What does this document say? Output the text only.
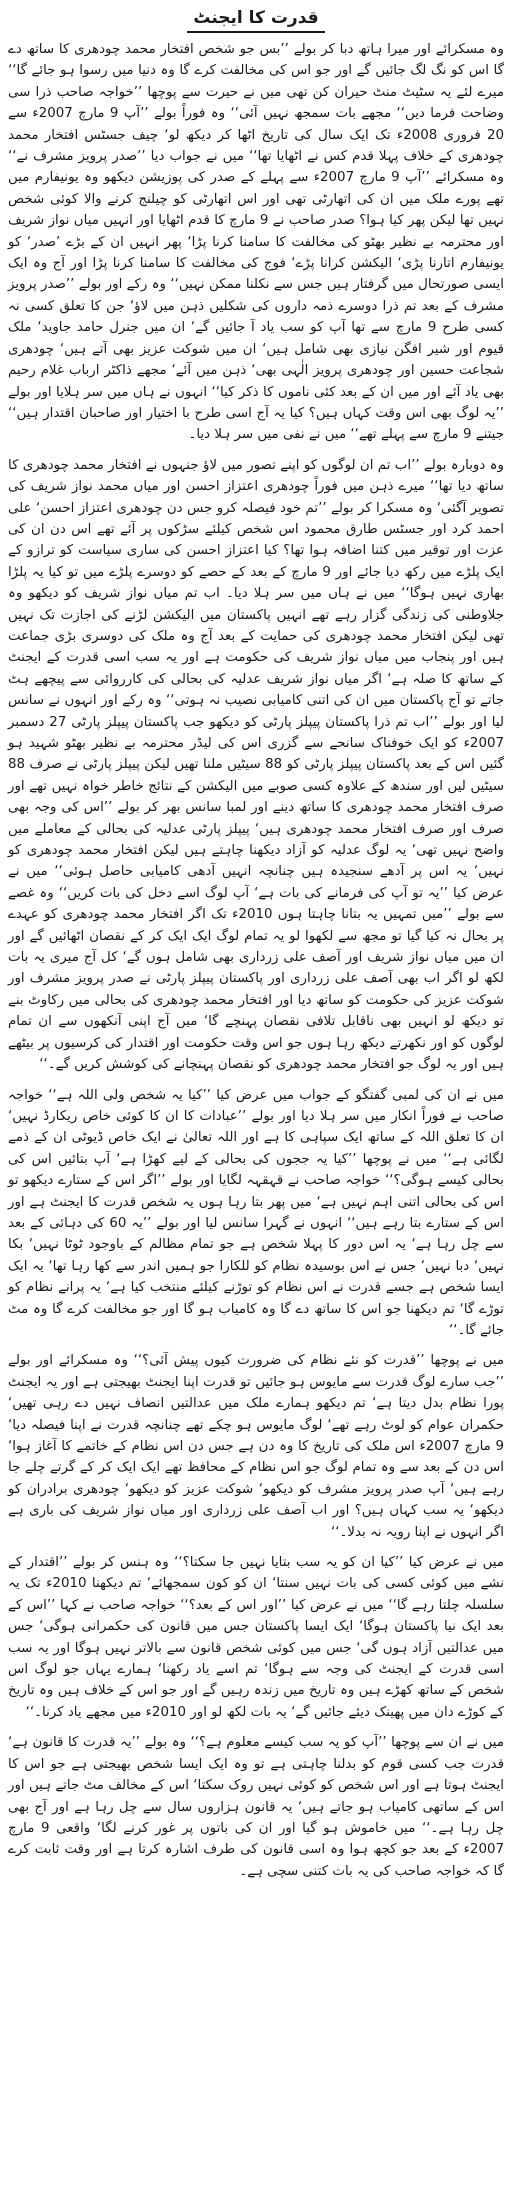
قدرت کا ایجنٹ

وہ مسکرائے اور میرا ہاتھ دبا کر بولے ’’بس جو شخص افتخار محمد چودھری کا ساتھ دے گا اس کو نگ لگ جائیں گے اور جو اس کی مخالفت کرے گا وہ دنیا میں رسوا ہو جائے گا‘‘ میرے لئے یہ سٹیٹ منٹ حیران کن تھی میں نے حیرت سے پوچھا ’’خواجہ صاحب ذرا سی وضاحت فرما دیں‘‘ مجھے بات سمجھ نہیں آئی‘‘ وہ فوراً بولے ’’آپ 9 مارچ 2007ء سے 20 فروری 2008ء تک ایک سال کی تاریخ اٹھا کر دیکھ لو‘ چیف جسٹس افتخار محمد چودھری کے خلاف پہلا قدم کس نے اٹھایا تھا‘‘ میں نے جواب دیا ’’صدر پرویز مشرف نے‘‘ وہ مسکرائے ’’آپ 9 مارچ 2007ء سے پہلے کے صدر کی پوزیشن دیکھو وہ یونیفارم میں تھے پورے ملک میں ان کی اتھارٹی تھی اور اس اتھارٹی کو چیلنج کرنے والا کوئی شخص نہیں تھا لیکن پھر کیا ہوا؟ صدر صاحب نے 9 مارچ کا قدم اٹھایا اور انہیں میاں نواز شریف اور محترمہ بے نظیر بھٹو کی مخالفت کا سامنا کرنا پڑا‘ پھر انہیں ان کے بڑے ’صدر‘ کو یونیفارم اتارنا پڑی‘ الیکشن کرانا پڑے‘ فوج کی مخالفت کا سامنا کرنا پڑا اور آج وہ ایک ایسی صورتحال میں گرفتار ہیں جس سے نکلنا ممکن نہیں‘‘ وہ رکے اور بولے ’’صدر پرویز مشرف کے بعد تم ذرا دوسرے ذمہ داروں کی شکلیں ذہن میں لاؤ‘ جن کا تعلق کسی نہ کسی طرح 9 مارچ سے تھا آپ کو سب یاد آ جائیں گے‘ ان میں جنرل حامد جاوید‘ ملک قیوم اور شیر افگن نیازی بھی شامل ہیں‘ ان میں شوکت عزیز بھی آتے ہیں‘ چودھری شجاعت حسین اور چودھری پرویز الٰہی بھی‘ ذہن میں آئے‘ مجھے ذاکٹر ارباب غلام رحیم بھی یاد آئے اور میں ان کے بعد کئی ناموں کا ذکر کیا‘‘ انہوں نے ہاں میں سر ہلایا اور بولے ’’یہ لوگ بھی اس وقت کہاں ہیں؟ کیا یہ آج اسی طرح با اختیار اور صاحبان اقتدار ہیں‘‘ جیتنے 9 مارچ سے پہلے تھے‘‘ میں نے نفی میں سر ہلا دیا۔

وہ دوبارہ بولے ’’اب تم ان لوگوں کو اپنے تصور میں لاؤ جنہوں نے افتخار محمد چودھری کا ساتھ دیا تھا‘‘ میرے ذہن میں فوراً چودھری اعتزاز احسن اور میاں محمد نواز شریف کی تصویر آگئی‘ وہ مسکرا کر بولے ’’تم خود فیصلہ کرو جس دن چودھری اعتزاز احسن‘ علی احمد کرد اور جسٹس طارق محمود اس شخص کیلئے سڑکوں پر آئے تھے اس دن ان کی عزت اور توقیر میں کتنا اضافہ ہوا تھا؟ کیا اعتزاز احسن کی ساری سیاست کو ترازو کے ایک پلڑے میں رکھ دیا جائے اور 9 مارچ کے بعد کے حصے کو دوسرے پلڑے میں تو کیا یہ پلڑا بھاری نہیں ہوگا‘‘ میں نے ہاں میں سر ہلا دیا۔ اب تم میاں نواز شریف کو دیکھو وہ جلاوطنی کی زندگی گزار رہے تھے انہیں پاکستان میں الیکشن لڑنے کی اجازت تک نہیں تھی لیکن افتخار محمد چودھری کی حمایت کے بعد آج وہ ملک کی دوسری بڑی جماعت ہیں اور پنجاب میں میاں نواز شریف کی حکومت ہے اور یہ سب اسی قدرت کے ایجنٹ کے ساتھ کا صلہ ہے‘ اگر میاں نواز شریف عدلیہ کی بحالی کی کارروائی سے پیچھے ہٹ جاتے تو آج پاکستان میں ان کی اتنی کامیابی نصیب نہ ہوتی‘‘ وہ رکے اور انہوں نے سانس لیا اور بولے ’’اب تم ذرا پاکستان پیپلز پارٹی کو دیکھو جب پاکستان پیپلز پارٹی 27 دسمبر 2007ء کو ایک خوفناک سانحے سے گزری اس کی لیڈر محترمہ بے نظیر بھٹو شہید ہو گئیں اس کے بعد پاکستان پیپلز پارٹی کو 88 سیٹیں ملنا تھیں لیکن پیپلز پارٹی نے صرف 88 سیٹیں لیں اور سندھ کے علاوہ کسی صوبے میں الیکشن کے نتائج خاطر خواہ نہیں تھے اور صرف افتخار محمد چودھری کا ساتھ دینے اور لمبا سانس بھر کر بولے ’’اس کی وجہ بھی صرف اور صرف افتخار محمد چودھری ہیں‘ پیپلز پارٹی عدلیہ کی بحالی کے معاملے میں واضح نہیں تھی‘ یہ لوگ عدلیہ کو آزاد دیکھنا چاہتے ہیں لیکن افتخار محمد چودھری کو نہیں‘ یہ اس پر آدھے سنجیدہ ہیں چنانچہ انہیں آدھی کامیابی حاصل ہوئی‘‘ میں نے عرض کیا ’’یہ تو آپ کی فرمانے کی بات ہے‘ آپ لوگ اسے دخل کی بات کریں‘‘ وہ غصے سے بولے ’’میں تمہیں یہ بتانا چاہتا ہوں 2010ء تک اگر افتخار محمد چودھری کو عہدے پر بحال نہ کیا گیا تو مجھ سے لکھوا لو یہ تمام لوگ ایک ایک کر کے نقصان اٹھائیں گے اور ان میں میاں نواز شریف اور آصف علی زرداری بھی شامل ہوں گے‘ کل آج میری یہ بات لکھ لو اگر اب بھی آصف علی زرداری اور پاکستان پیپلز پارٹی نے صدر پرویز مشرف اور شوکت عزیز کی حکومت کو ساتھ دیا اور افتخار محمد چودھری کی بحالی میں رکاوٹ بنے تو دیکھ لو انہیں بھی ناقابل تلافی نقصان پہنچے گا‘ میں آج اپنی آنکھوں سے ان تمام لوگوں کو اور نکھرتے دیکھ رہا ہوں جو اس وقت حکومت اور اقتدار کی کرسیوں پر بیٹھے ہیں اور یہ لوگ جو افتخار محمد چودھری کو نقصان پہنچانے کی کوشش کریں گے۔‘‘

میں نے ان کی لمبی گفتگو کے جواب میں عرض کیا ’’کیا یہ شخص ولی اللہ ہے‘‘ خواجہ صاحب نے فوراً انکار میں سر ہلا دیا اور بولے ’’عبادات کا ان کا کوئی خاص ریکارڈ نہیں‘ ان کا تعلق اللہ کے ساتھ ایک سپاہی کا ہے اور اللہ تعالیٰ نے ایک خاص ڈیوٹی ان کے ذمے لگائی ہے‘‘ میں نے پوچھا ’’کیا یہ ججوں کی بحالی کے لیے کھڑا ہے‘ آپ بتائیں اس کی بحالی کیسے ہوگی؟‘‘ خواجہ صاحب نے قہقہہ لگایا اور بولے ’’اگر اس کے ستارے دیکھو تو اس کی بحالی اتنی اہم نہیں ہے‘ میں پھر بتا رہا ہوں یہ شخص قدرت کا ایجنٹ ہے اور اس کے ستارے بتا رہے ہیں‘‘ انہوں نے گہرا سانس لیا اور بولے ’’یہ 60 کی دہائی کے بعد سے چل رہا ہے‘ یہ اس دور کا پہلا شخص ہے جو تمام مظالم کے باوجود ٹوٹا نہیں‘ بکا نہیں‘ دبا نہیں‘ جس نے اس بوسیدہ نظام کو للکارا جو ہمیں اندر سے کھا رہا تھا‘ یہ ایک ایسا شخص ہے جسے قدرت نے اس نظام کو توڑنے کیلئے منتخب کیا ہے‘ یہ پرانے نظام کو توڑے گا‘ تم دیکھنا جو اس کا ساتھ دے گا وہ کامیاب ہو گا اور جو مخالفت کرے گا وہ مٹ جائے گا۔‘‘

میں نے پوچھا ’’قدرت کو نئے نظام کی ضرورت کیوں پیش آئی؟‘‘ وہ مسکرائے اور بولے ’’جب سارے لوگ قدرت سے مایوس ہو جائیں تو قدرت اپنا ایجنٹ بھیجتی ہے اور یہ ایجنٹ پورا نظام بدل دیتا ہے‘ تم دیکھو ہمارے ملک میں عدالتیں انصاف نہیں دے رہی تھیں‘ حکمران عوام کو لوٹ رہے تھے‘ لوگ مایوس ہو چکے تھے چنانچہ قدرت نے اپنا فیصلہ دیا‘ 9 مارچ 2007ء اس ملک کی تاریخ کا وہ دن ہے جس دن اس نظام کے خاتمے کا آغاز ہوا‘ اس دن کے بعد سے وہ تمام لوگ جو اس نظام کے محافظ تھے ایک ایک کر کے گرتے چلے جا رہے ہیں‘ آپ صدر پرویز مشرف کو دیکھو‘ شوکت عزیز کو دیکھو‘ چودھری برادران کو دیکھو‘ یہ سب کہاں ہیں؟ اور اب آصف علی زرداری اور میاں نواز شریف کی باری ہے اگر انہوں نے اپنا رویہ نہ بدلا۔‘‘

میں نے عرض کیا ’’کیا ان کو یہ سب بتایا نہیں جا سکتا؟‘‘ وہ ہنس کر بولے ’’اقتدار کے نشے میں کوئی کسی کی بات نہیں سنتا‘ ان کو کون سمجھائے‘ تم دیکھنا 2010ء تک یہ سلسلہ چلتا رہے گا‘‘ میں نے عرض کیا ’’اور اس کے بعد؟‘‘ خواجہ صاحب نے کہا ’’اس کے بعد ایک نیا پاکستان ہوگا‘ ایک ایسا پاکستان جس میں قانون کی حکمرانی ہوگی‘ جس میں عدالتیں آزاد ہوں گی‘ جس میں کوئی شخص قانون سے بالاتر نہیں ہوگا اور یہ سب اسی قدرت کے ایجنٹ کی وجہ سے ہوگا‘ تم اسے یاد رکھنا‘ ہمارے یہاں جو لوگ اس شخص کے ساتھ کھڑے ہیں وہ تاریخ میں زندہ رہیں گے اور جو اس کے خلاف ہیں وہ تاریخ کے کوڑے دان میں پھینک دیئے جائیں گے‘ یہ بات لکھ لو اور 2010ء میں مجھے یاد کرنا۔‘‘

میں نے ان سے پوچھا ’’آپ کو یہ سب کیسے معلوم ہے؟‘‘ وہ بولے ’’یہ قدرت کا قانون ہے‘ قدرت جب کسی قوم کو بدلنا چاہتی ہے تو وہ ایک ایسا شخص بھیجتی ہے جو اس کا ایجنٹ ہوتا ہے اور اس شخص کو کوئی نہیں روک سکتا‘ اس کے مخالف مٹ جاتے ہیں اور اس کے ساتھی کامیاب ہو جاتے ہیں‘ یہ قانون ہزاروں سال سے چل رہا ہے اور آج بھی چل رہا ہے۔‘‘ میں خاموش ہو گیا اور ان کی باتوں پر غور کرنے لگا‘ واقعی 9 مارچ 2007ء کے بعد جو کچھ ہوا وہ اسی قانون کی طرف اشارہ کرتا ہے اور وقت ثابت کرے گا کہ خواجہ صاحب کی یہ بات کتنی سچی ہے۔
